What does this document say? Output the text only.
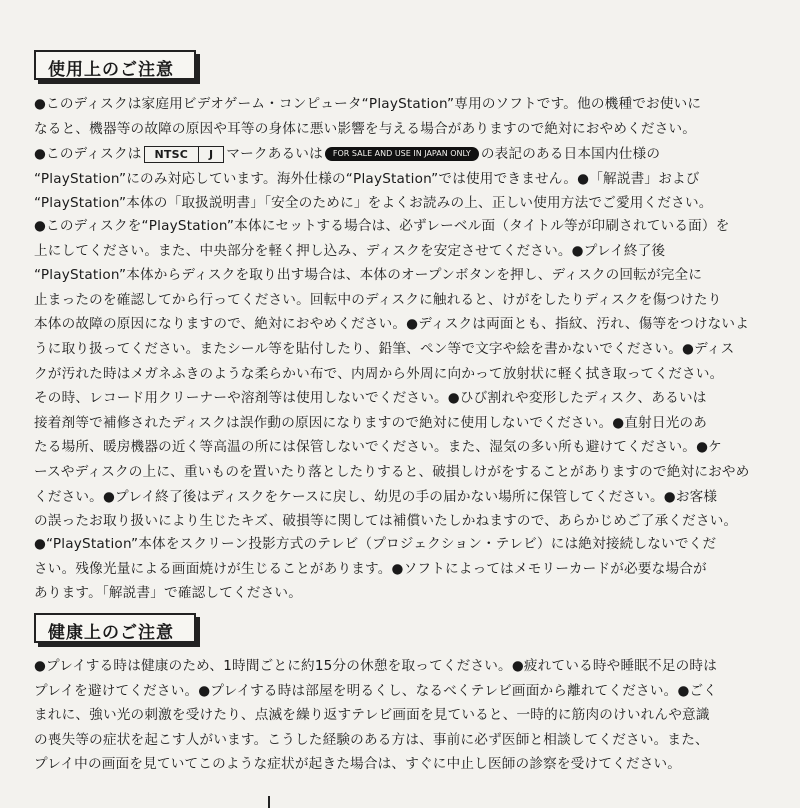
使用上のご注意
●このディスクは家庭用ビデオゲーム・コンピュータ“PlayStation”専用のソフトです。他の機種でお使いに
なると、機器等の故障の原因や耳等の身体に悪い影響を与える場合がありますので絶対におやめください。
●このディスクは NTSC J マークあるいは FOR SALE AND USE IN JAPAN ONLY の表記のある日本国内仕様の
“PlayStation”にのみ対応しています。海外仕様の“PlayStation”では使用できません。●「解説書」および
“PlayStation”本体の「取扱説明書」「安全のために」をよくお読みの上、正しい使用方法でご愛用ください。
●このディスクを“PlayStation”本体にセットする場合は、必ずレーベル面（タイトル等が印刷されている面）を
上にしてください。また、中央部分を軽く押し込み、ディスクを安定させてください。●プレイ終了後
“PlayStation”本体からディスクを取り出す場合は、本体のオープンボタンを押し、ディスクの回転が完全に
止まったのを確認してから行ってください。回転中のディスクに触れると、けがをしたりディスクを傷つけたり
本体の故障の原因になりますので、絶対におやめください。●ディスクは両面とも、指紋、汚れ、傷等をつけないよ
うに取り扱ってください。またシール等を貼付したり、鉛筆、ペン等で文字や絵を書かないでください。●ディス
クが汚れた時はメガネふきのような柔らかい布で、内周から外周に向かって放射状に軽く拭き取ってください。
その時、レコード用クリーナーや溶剤等は使用しないでください。●ひび割れや変形したディスク、あるいは
接着剤等で補修されたディスクは誤作動の原因になりますので絶対に使用しないでください。●直射日光のあ
たる場所、暖房機器の近く等高温の所には保管しないでください。また、湿気の多い所も避けてください。●ケ
ースやディスクの上に、重いものを置いたり落としたりすると、破損しけがをすることがありますので絶対におやめ
ください。●プレイ終了後はディスクをケースに戻し、幼児の手の届かない場所に保管してください。●お客様
の誤ったお取り扱いにより生じたキズ、破損等に関しては補償いたしかねますので、あらかじめご了承ください。
●“PlayStation”本体をスクリーン投影方式のテレビ（プロジェクション・テレビ）には絶対接続しないでくだ
さい。残像光量による画面焼けが生じることがあります。●ソフトによってはメモリーカードが必要な場合が
あります。「解説書」で確認してください。
健康上のご注意
●プレイする時は健康のため、1時間ごとに約15分の休憩を取ってください。●疲れている時や睡眠不足の時は
プレイを避けてください。●プレイする時は部屋を明るくし、なるべくテレビ画面から離れてください。●ごく
まれに、強い光の刺激を受けたり、点滅を繰り返すテレビ画面を見ていると、一時的に筋肉のけいれんや意識
の喪失等の症状を起こす人がいます。こうした経験のある方は、事前に必ず医師と相談してください。また、
プレイ中の画面を見ていてこのような症状が起きた場合は、すぐに中止し医師の診察を受けてください。
